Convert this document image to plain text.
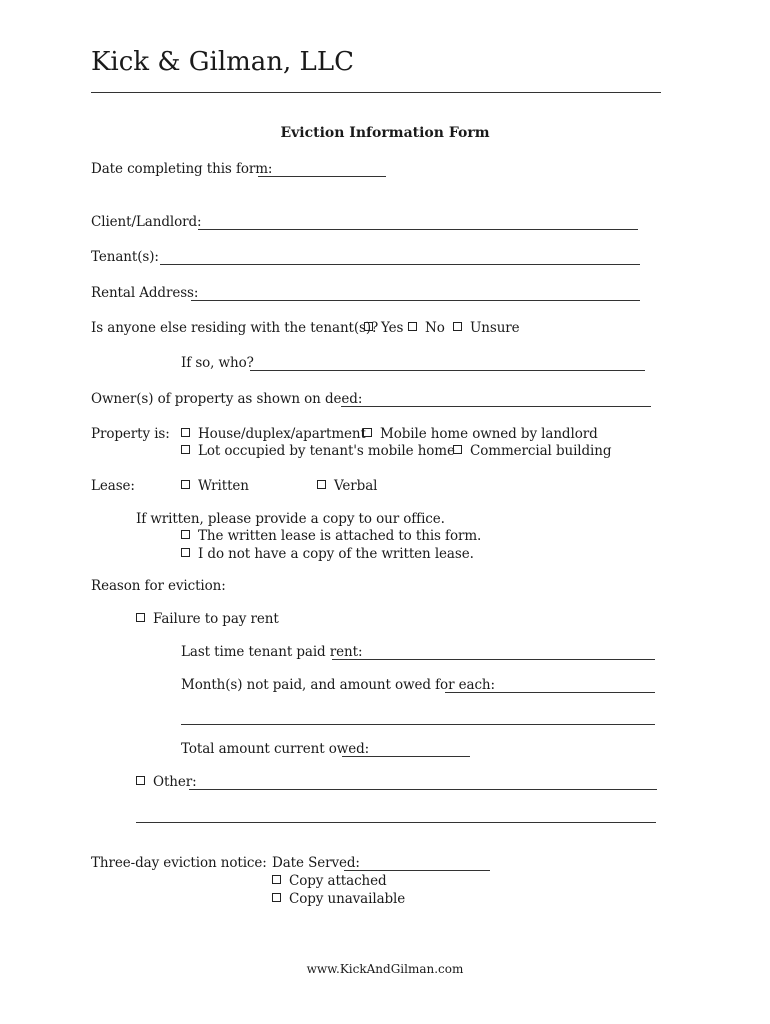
Kick & Gilman, LLC
Eviction Information Form
Date completing this form:
Client/Landlord:
Tenant(s):
Rental Address:
Is anyone else residing with the tenant(s)? Yes	No	Unsure
If so, who?
Owner(s) of property as shown on deed:
Property is:	House/duplex/apartment	Mobile home owned by landlord
Lot occupied by tenant's mobile home	Commercial building
Lease:	Written	Verbal
If written, please provide a copy to our office.
The written lease is attached to this form.
I do not have a copy of the written lease.
Reason for eviction:
Failure to pay rent
Last time tenant paid rent:
Month(s) not paid, and amount owed for each:
Total amount current owed:
Other:
Three-day eviction notice: Date Served:
Copy attached
Copy unavailable
www.KickAndGilman.com
